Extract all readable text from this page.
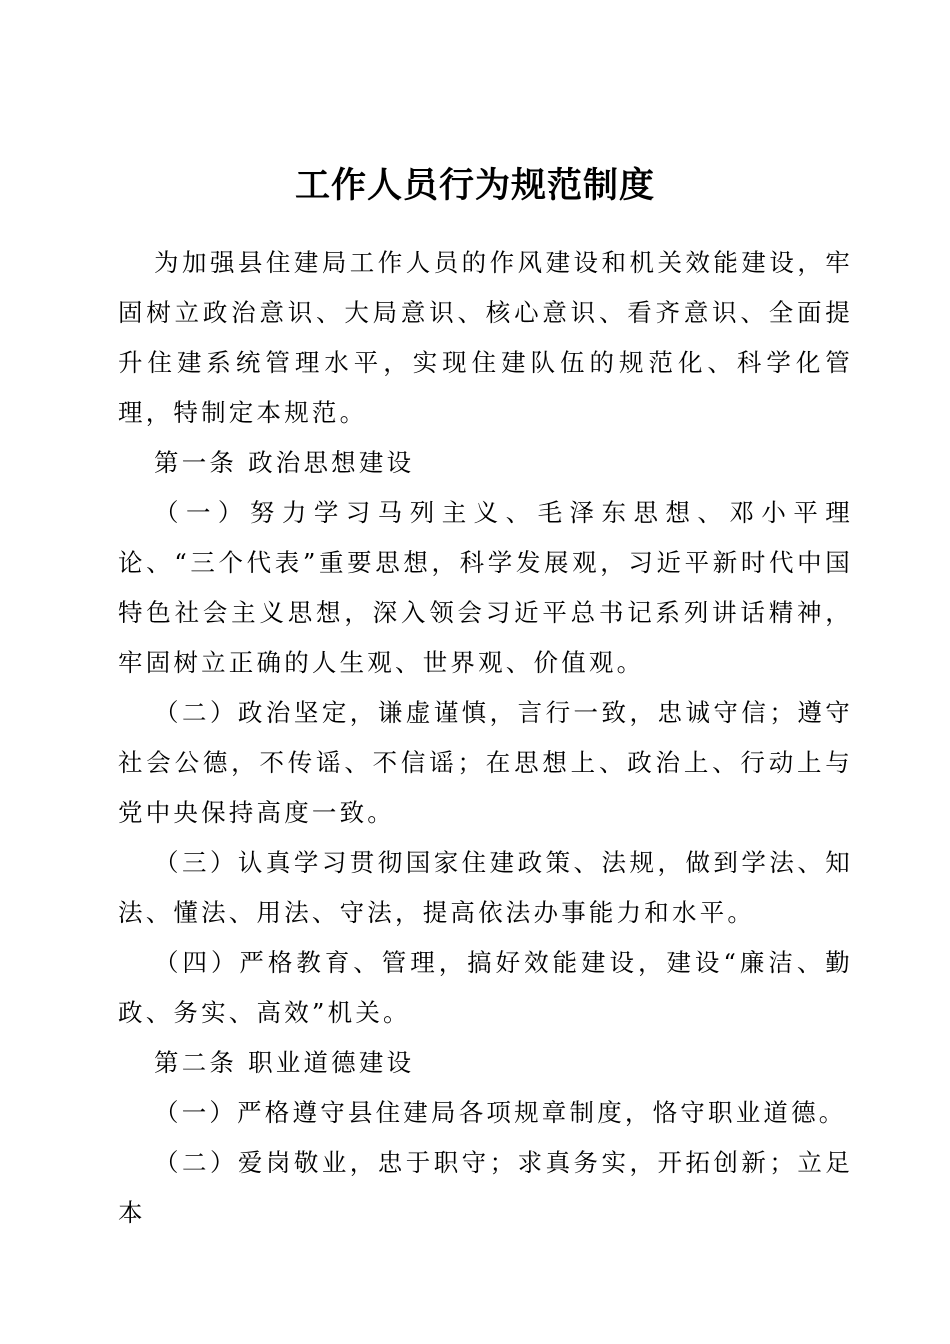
工作人员行为规范制度

为加强县住建局工作人员的作风建设和机关效能建设，牢固树立政治意识、大局意识、核心意识、看齐意识、全面提升住建系统管理水平，实现住建队伍的规范化、科学化管理，特制定本规范。

第一条 政治思想建设

（一）努力学习马列主义、毛泽东思想、邓小平理论、“三个代表”重要思想，科学发展观，习近平新时代中国特色社会主义思想，深入领会习近平总书记系列讲话精神，牢固树立正确的人生观、世界观、价值观。

（二）政治坚定，谦虚谨慎，言行一致，忠诚守信；遵守社会公德，不传谣、不信谣；在思想上、政治上、行动上与党中央保持高度一致。

（三）认真学习贯彻国家住建政策、法规，做到学法、知法、懂法、用法、守法，提高依法办事能力和水平。

（四）严格教育、管理，搞好效能建设，建设“廉洁、勤政、务实、高效”机关。

第二条 职业道德建设

（一）严格遵守县住建局各项规章制度，恪守职业道德。

（二）爱岗敬业，忠于职守；求真务实，开拓创新；立足本
